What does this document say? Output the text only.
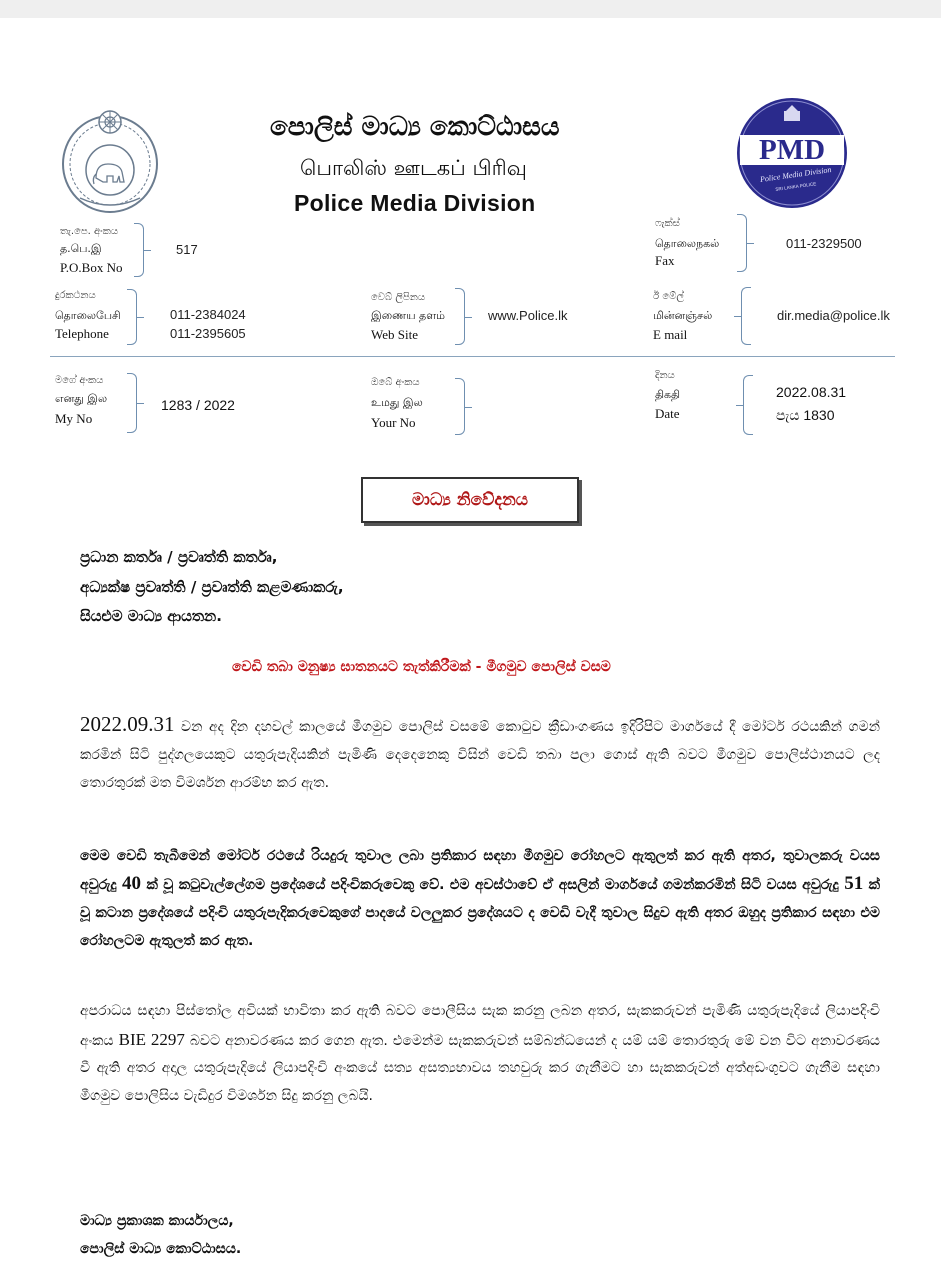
පොලිස් මාධ්‍ය කොට්ඨාසය
பொலிஸ் ஊடகப் பிரிவு
Police Media Division
PMD
Police Media Division
SRI LANKA POLICE
තැ.පෙ. අංකය
த.பெ.இ
P.O.Box No
517
ෆැක්ස්
தொலைநகல்
Fax
011-2329500
දුරකථනය
தொலைபேசி
Telephone
011-2384024
011-2395605
වෙබ් ලිපිනය
இணைய தளம்
Web Site
www.Police.lk
ඊ මේල්
மின்னஞ்சல்
E mail
dir.media@police.lk
මගේ අංකය
எனது இல
My No
1283 / 2022
ඔබේ අංකය
உமது இல
Your No
දිනය
திகதி
Date
2022.08.31
පැය 1830
මාධ්‍ය නිවේදනය
ප්‍රධාන කර්තෘ / ප්‍රවෘත්ති කර්තෘ,
අධ්‍යක්ෂ ප්‍රවෘත්ති / ප්‍රවෘත්ති කළමණාකරු,
සියළුම මාධ්‍ය ආයතන.
වෙඩි තබා මනුෂ්‍ය ඝාතනයට තැත්කිරීමක් - මීගමුව පොලිස් වසම
2022.09.31 වන අද දින දහවල් කාලයේ මීගමුව පොලිස් වසමේ කොටුව ක්‍රීඩාංගණය ඉදිරිපිට මාර්ගයේ දී මෝටර් රථයකින් ගමන් කරමින් සිටි පුද්ගලයෙකුට යතුරුපැදියකින් පැමිණි දෙදෙනෙකු විසින් වෙඩි තබා පලා ගොස් ඇති බවට මීගමුව පොලිස්ථානයට ලද තොරතුරක් මත විමර්ශන ආරම්භ කර ඇත.
මෙම වෙඩි තැබීමෙන් මෝටර් රථයේ රියදුරු තුවාල ලබා ප්‍රතිකාර සඳහා මීගමුව රෝහලට ඇතුලත් කර ඇති අතර, තුවාලකරු වයස අවුරුදු 40 ක් වූ කටුවැල්ලේගම ප්‍රදේශයේ පදිංචිකරුවෙකු වේ. එම අවස්ථාවේ ඒ අසලින් මාර්ගයේ ගමන්කරමින් සිටි වයස අවුරුදු 51 ක් වූ කටාන ප්‍රදේශයේ පදිංචි යතුරුපැදිකරුවෙකුගේ පාදයේ වලලුකර ප්‍රදේශයට ද වෙඩි වැදී තුවාල සිදුව ඇති අතර ඔහුද ප්‍රතිකාර සඳහා එම රෝහලටම ඇතුලත් කර ඇත.
අපරාධය සඳහා පිස්තෝල අවියක් භාවිතා කර ඇති බවට පොලීසිය සැක කරනු ලබන අතර, සැකකරුවන් පැමිණි යතුරුපැදියේ ලියාපදිංචි අංකය BIE 2297 බවට අනාවරණය කර ගෙන ඇත. එමෙන්ම සැකකරුවන් සම්බන්ධයෙන් ද යම් යම් තොරතුරු මේ වන විට අනාවරණය වී ඇති අතර අදාල යතුරුපැදියේ ලියාපදිංචි අංකයේ සත්‍ය අසත්‍යභාවය තහවුරු කර ගැනීමට හා සැකකරුවන් අත්අඩංගුවට ගැනීම සඳහා මීගමුව පොලිසිය වැඩිදුර විමර්ශන සිදු කරනු ලබයි.
මාධ්‍ය ප්‍රකාශක කාර්යාලය,
පොලිස් මාධ්‍ය කොට්ඨාසය.
